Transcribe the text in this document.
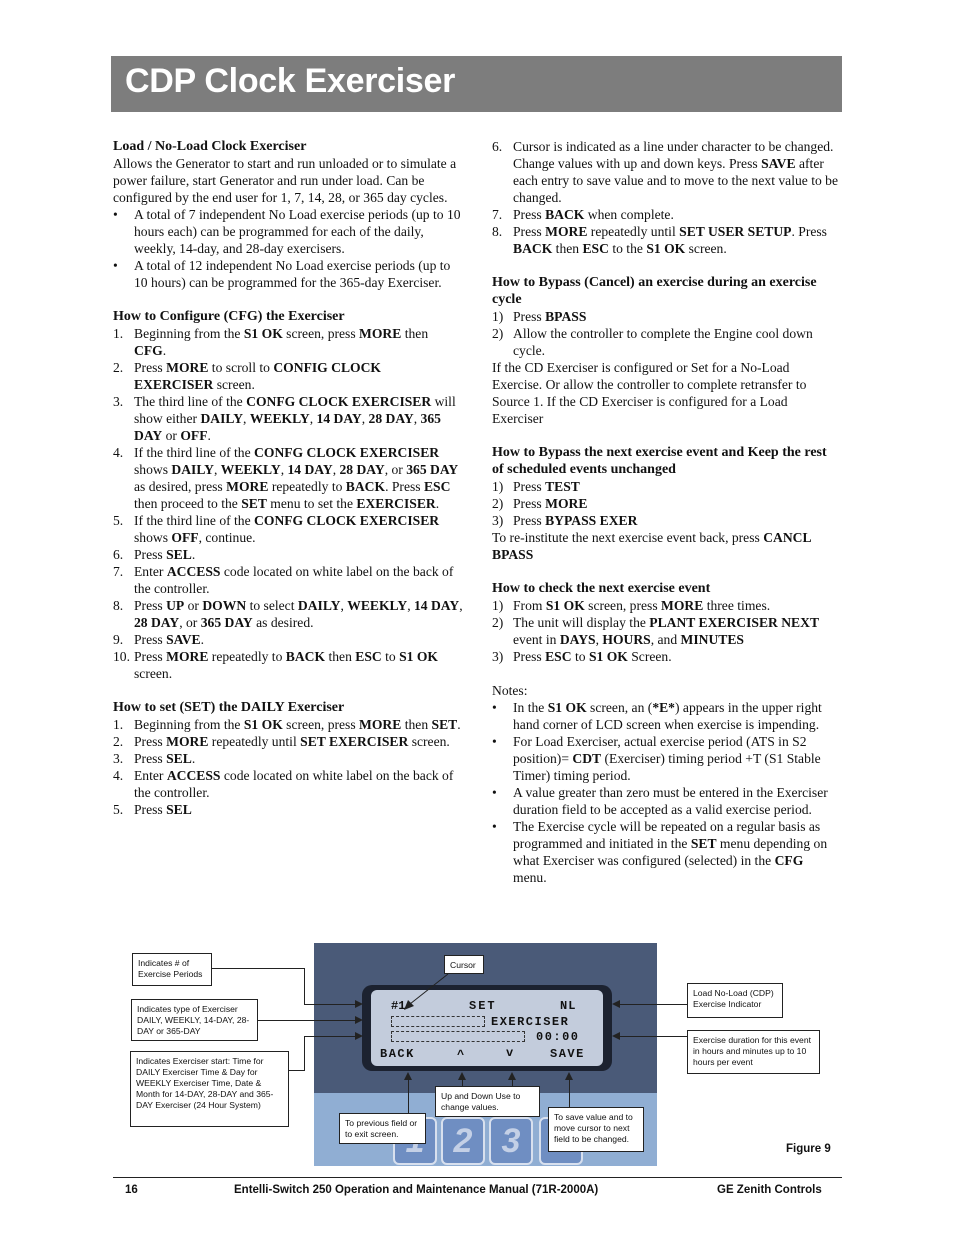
CDP Clock Exerciser
Load / No-Load Clock Exerciser

Allows the Generator to start and run unloaded or to simulate a power failure, start Generator and run under load. Can be configured by the end user for 1, 7, 14, 28, or 365 day cycles.

• A total of 7 independent No Load exercise periods (up to 10 hours each) can be programmed for each of the daily, weekly, 14-day, and 28-day exercisers.
• A total of 12 independent No Load exercise periods (up to 10 hours) can be programmed for the 365-day Exerciser.
How to Configure (CFG) the Exerciser
1. Beginning from the S1 OK screen, press MORE then CFG.
2. Press MORE to scroll to CONFIG CLOCK EXERCISER screen.
3. The third line of the CONFG CLOCK EXERCISER will show either DAILY, WEEKLY, 14 DAY, 28 DAY, 365 DAY or OFF.
4. If the third line of the CONFG CLOCK EXERCISER shows DAILY, WEEKLY, 14 DAY, 28 DAY, or 365 DAY as desired, press MORE repeatedly to BACK. Press ESC then proceed to the SET menu to set the EXERCISER.
5. If the third line of the CONFG CLOCK EXERCISER shows OFF, continue.
6. Press SEL.
7. Enter ACCESS code located on white label on the back of the controller.
8. Press UP or DOWN to select DAILY, WEEKLY, 14 DAY, 28 DAY, or 365 DAY as desired.
9. Press SAVE.
10. Press MORE repeatedly to BACK then ESC to S1 OK screen.
How to set (SET) the DAILY Exerciser
1. Beginning from the S1 OK screen, press MORE then SET.
2. Press MORE repeatedly until SET EXERCISER screen.
3. Press SEL.
4. Enter ACCESS code located on white label on the back of the controller.
5. Press SEL
6. Cursor is indicated as a line under character to be changed. Change values with up and down keys. Press SAVE after each entry to save value and to move to the next value to be changed.
7. Press BACK when complete.
8. Press MORE repeatedly until SET USER SETUP. Press BACK then ESC to the S1 OK screen.
How to Bypass (Cancel) an exercise during an exercise cycle
1) Press BPASS
2) Allow the controller to complete the Engine cool down cycle.

If the CD Exerciser is configured or Set for a No-Load Exercise. Or allow the controller to complete retransfer to Source 1. If the CD Exerciser is configured for a Load Exerciser

How to Bypass the next exercise event and Keep the rest of scheduled events unchanged
1) Press TEST
2) Press MORE
3) Press BYPASS EXER

To re-institute the next exercise event back, press CANCL BPASS

How to check the next exercise event
1) From S1 OK screen, press MORE three times.
2) The unit will display the PLANT EXERCISER NEXT event in DAYS, HOURS, and MINUTES
3) Press ESC to S1 OK Screen.

Notes:

• In the S1 OK screen, an (*E*) appears in the upper right hand corner of LCD screen when exercise is impending.
• For Load Exerciser, actual exercise period (ATS in S2 position)= CDT (Exerciser) timing period +T (S1 Stable Timer) timing period.
• A value greater than zero must be entered in the Exerciser duration field to be accepted as a valid exercise period.
• The Exercise cycle will be repeated on a regular basis as programmed and initiated in the SET menu depending on what Exerciser was configured (selected) in the CFG menu.
#1	SET	NL
EXERCISER
00:00
BACK	^	v	SAVE
2 3
Indicates # of Exercise Periods
Indicates type of Exerciser DAILY, WEEKLY, 14-DAY, 28-DAY or 365-DAY
Indicates Exerciser start: Time for DAILY Exerciser Time & Day for WEEKLY Exerciser Time, Date & Month for 14-DAY, 28-DAY and 365-DAY Exerciser (24 Hour System)
Cursor
Load No-Load (CDP) Exercise Indicator
Exercise duration for this event in hours and minutes up to 10 hours per event
Up and Down Use to change values.
To previous field or to exit screen.
To save value and to move cursor to next field to be changed.
Figure 9
16	Entelli-Switch 250 Operation and Maintenance Manual (71R-2000A)	GE Zenith Controls
